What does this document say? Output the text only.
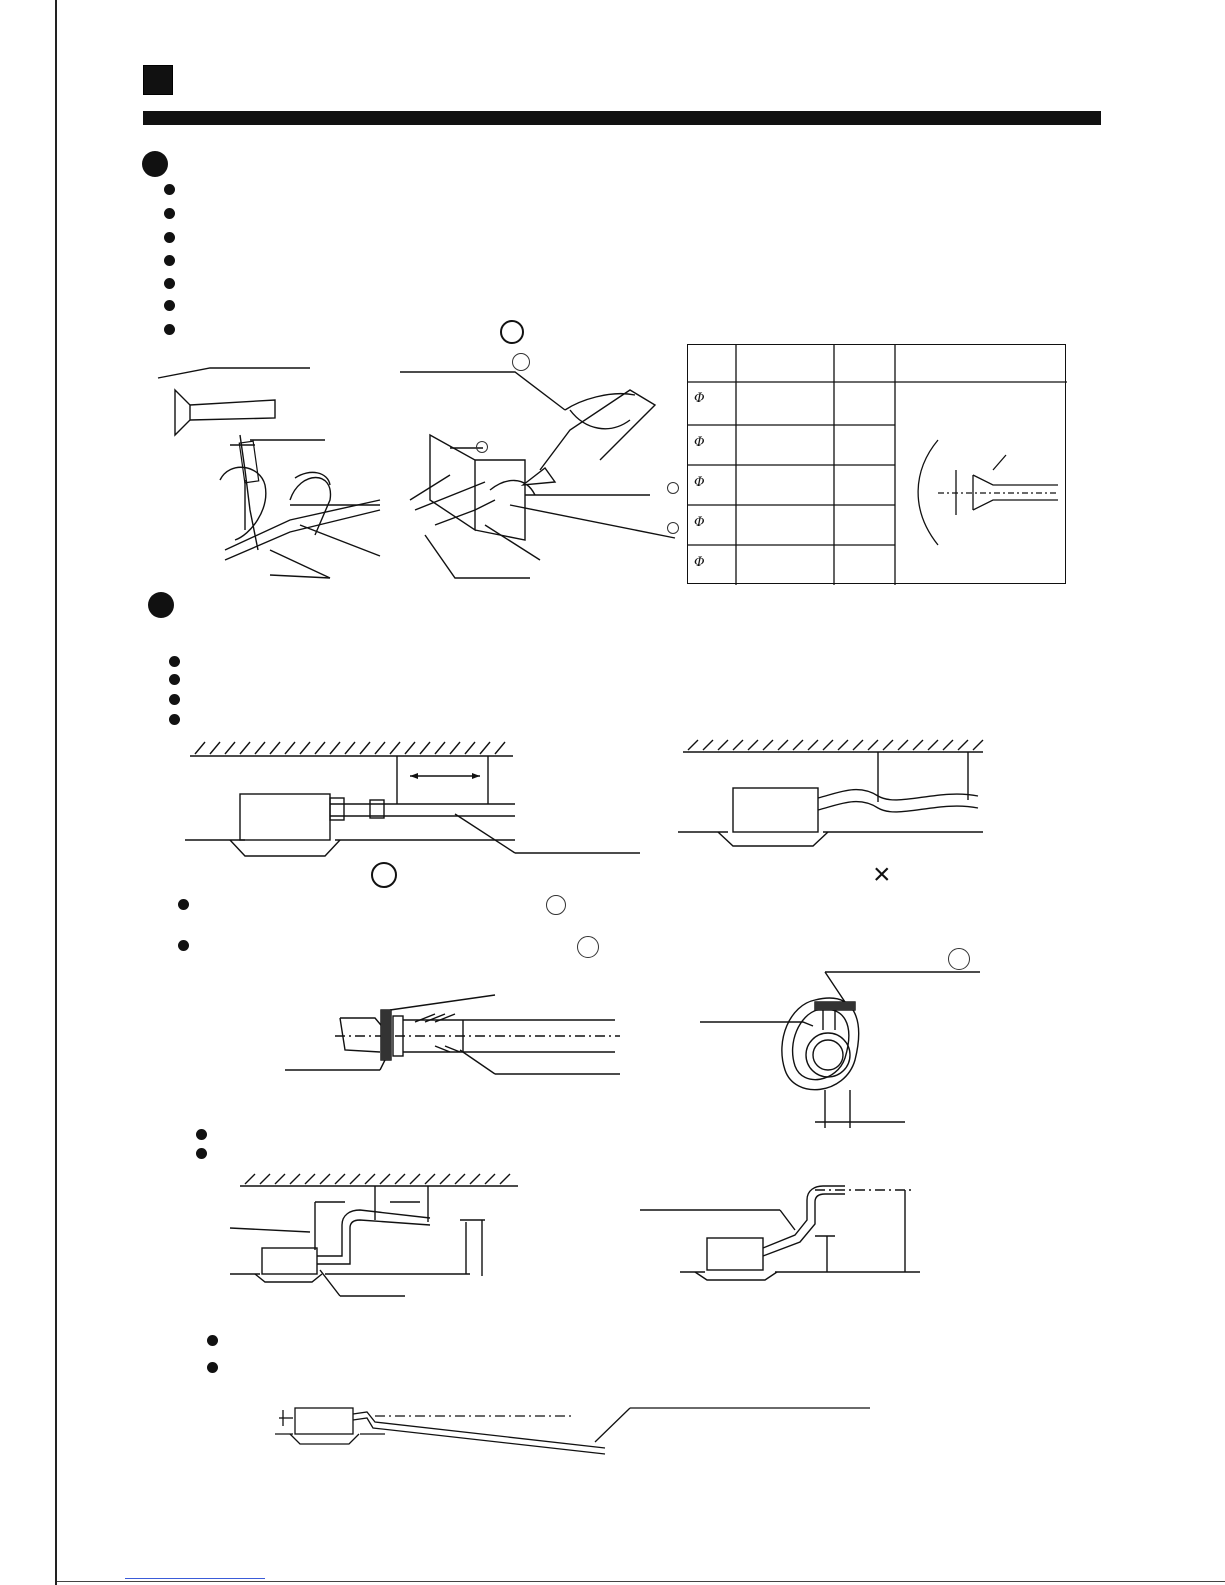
Φ
Φ
Φ
Φ
Φ
×
